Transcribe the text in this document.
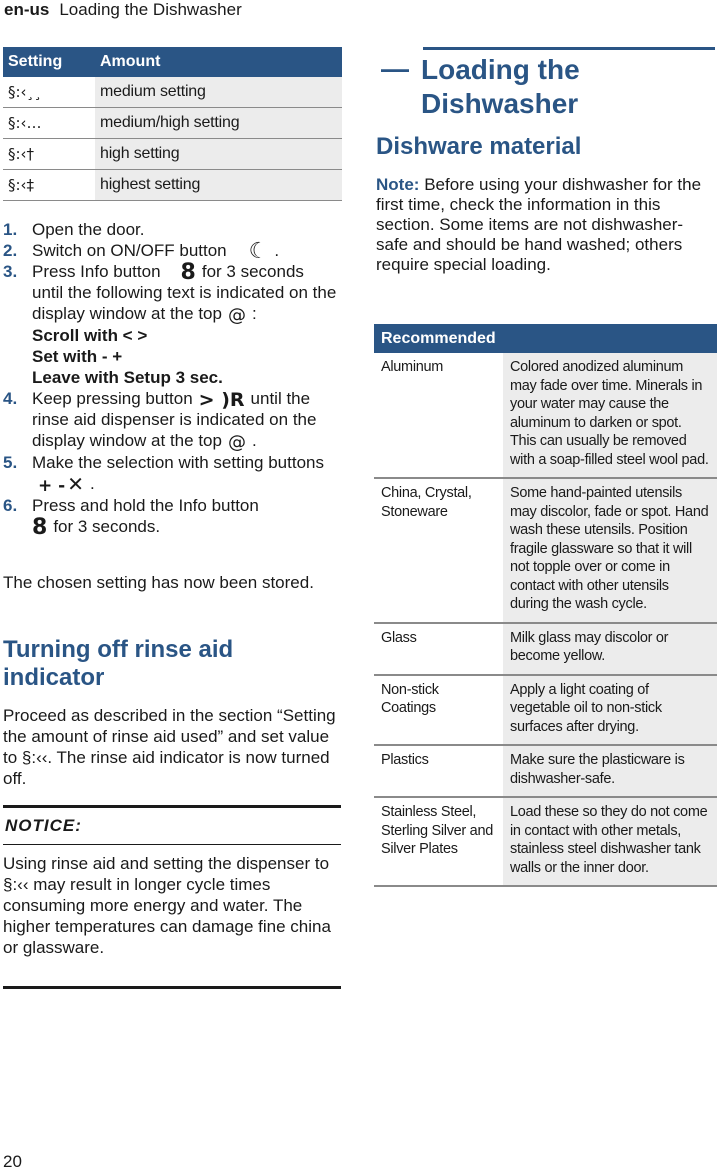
en-us Loading the Dishwasher
Setting	Amount
§:‹¸¸	medium setting
§:‹…	medium/high setting
§:‹†	high setting
§:‹‡	highest setting
1. Open the door.
2. Switch on ON/OFF button ☾ .
3. Press Info button 8 for 3 seconds until the following text is indicated on the display window at the top @ :
Scroll with < >
Set with - +
Leave with Setup 3 sec.
4. Keep pressing button > )R until the rinse aid dispenser is indicated on the display window at the top @ .
5. Make the selection with setting buttons+ - ✕ .
6. Press and hold the Info button
8 for 3 seconds.
The chosen setting has now been stored.
Turning off rinse aid indicator
Proceed as described in the section “Setting the amount of rinse aid used” and set value to §:‹‹. The rinse aid indicator is now turned off.
NOTICE:
Using rinse aid and setting the dispenser to §:‹‹ may result in longer cycle times consuming more energy and water. The higher temperatures can damage fine china or glassware.
— Loading the Dishwasher
Dishware material
Note: Before using your dishwasher for the first time, check the information in this section. Some items are not dishwasher-safe and should be hand washed; others require special loading.
Recommended	
Aluminum	Colored anodized aluminum may fade over time. Minerals in your water may cause the aluminum to darken or spot. This can usually be removed with a soap-filled steel wool pad.
China, Crystal, Stoneware	Some hand-painted utensils may discolor, fade or spot. Hand wash these utensils. Position fragile glassware so that it will not topple over or come in contact with other utensils during the wash cycle.
Glass	Milk glass may discolor or become yellow.
Non-stick Coatings	Apply a light coating of vegetable oil to non-stick surfaces after drying.
Plastics	Make sure the plasticware is dishwasher-safe.
Stainless Steel, Sterling Silver and Silver Plates	Load these so they do not come in contact with other metals, stainless steel dishwasher tank walls or the inner door.
20
